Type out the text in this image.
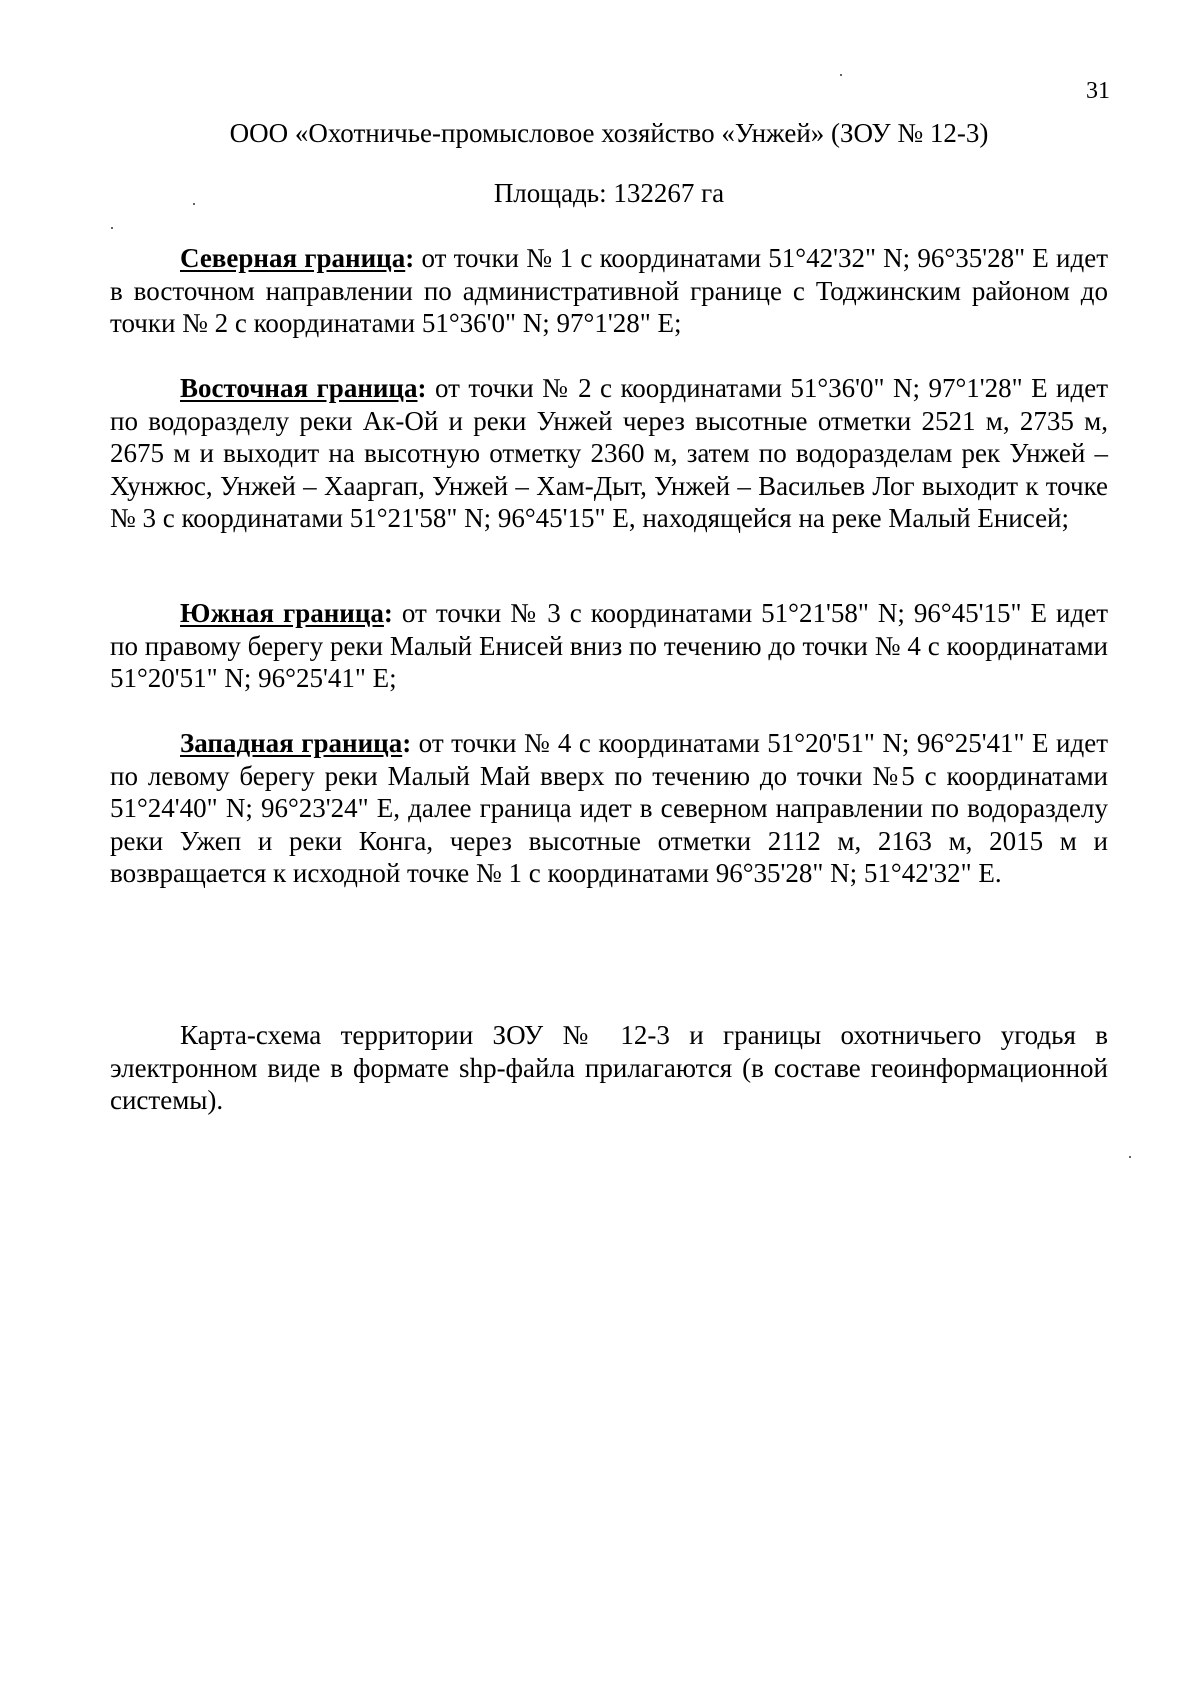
31
ООО «Охотничье-промысловое хозяйство «Унжей» (ЗОУ № 12-3)
Площадь: 132267 га

Северная граница: от точки № 1 с координатами 51°42'32" N; 96°35'28" E идет в восточном направлении по административной границе с Тоджинским районом до точки № 2 с координатами 51°36'0" N; 97°1'28" E;

Восточная граница: от точки № 2 с координатами 51°36'0" N; 97°1'28" E идет по водоразделу реки Ак-Ой и реки Унжей через высотные отметки 2521 м, 2735 м, 2675 м и выходит на высотную отметку 2360 м, затем по водоразделам рек Унжей – Хунжюс, Унжей – Хааргап, Унжей – Хам-Дыт, Унжей – Васильев Лог выходит к точке № 3 с координатами 51°21'58" N; 96°45'15" E, находящейся на реке Малый Енисей;

Южная граница: от точки № 3 с координатами 51°21'58" N; 96°45'15" E идет по правому берегу реки Малый Енисей вниз по течению до точки № 4 с координатами 51°20'51" N; 96°25'41" E;

Западная граница: от точки № 4 с координатами 51°20'51" N; 96°25'41" E идет по левому берегу реки Малый Май вверх по течению до точки №5 с координатами 51°24'40" N; 96°23'24" E, далее граница идет в северном направлении по водоразделу реки Ужеп и реки Конга, через высотные отметки 2112 м, 2163 м, 2015 м и возвращается к исходной точке № 1 с координатами 96°35'28" N; 51°42'32" E.

Карта-схема территории ЗОУ № 12-3 и границы охотничьего угодья в электронном виде в формате shp-файла прилагаются (в составе геоинформационной системы).
